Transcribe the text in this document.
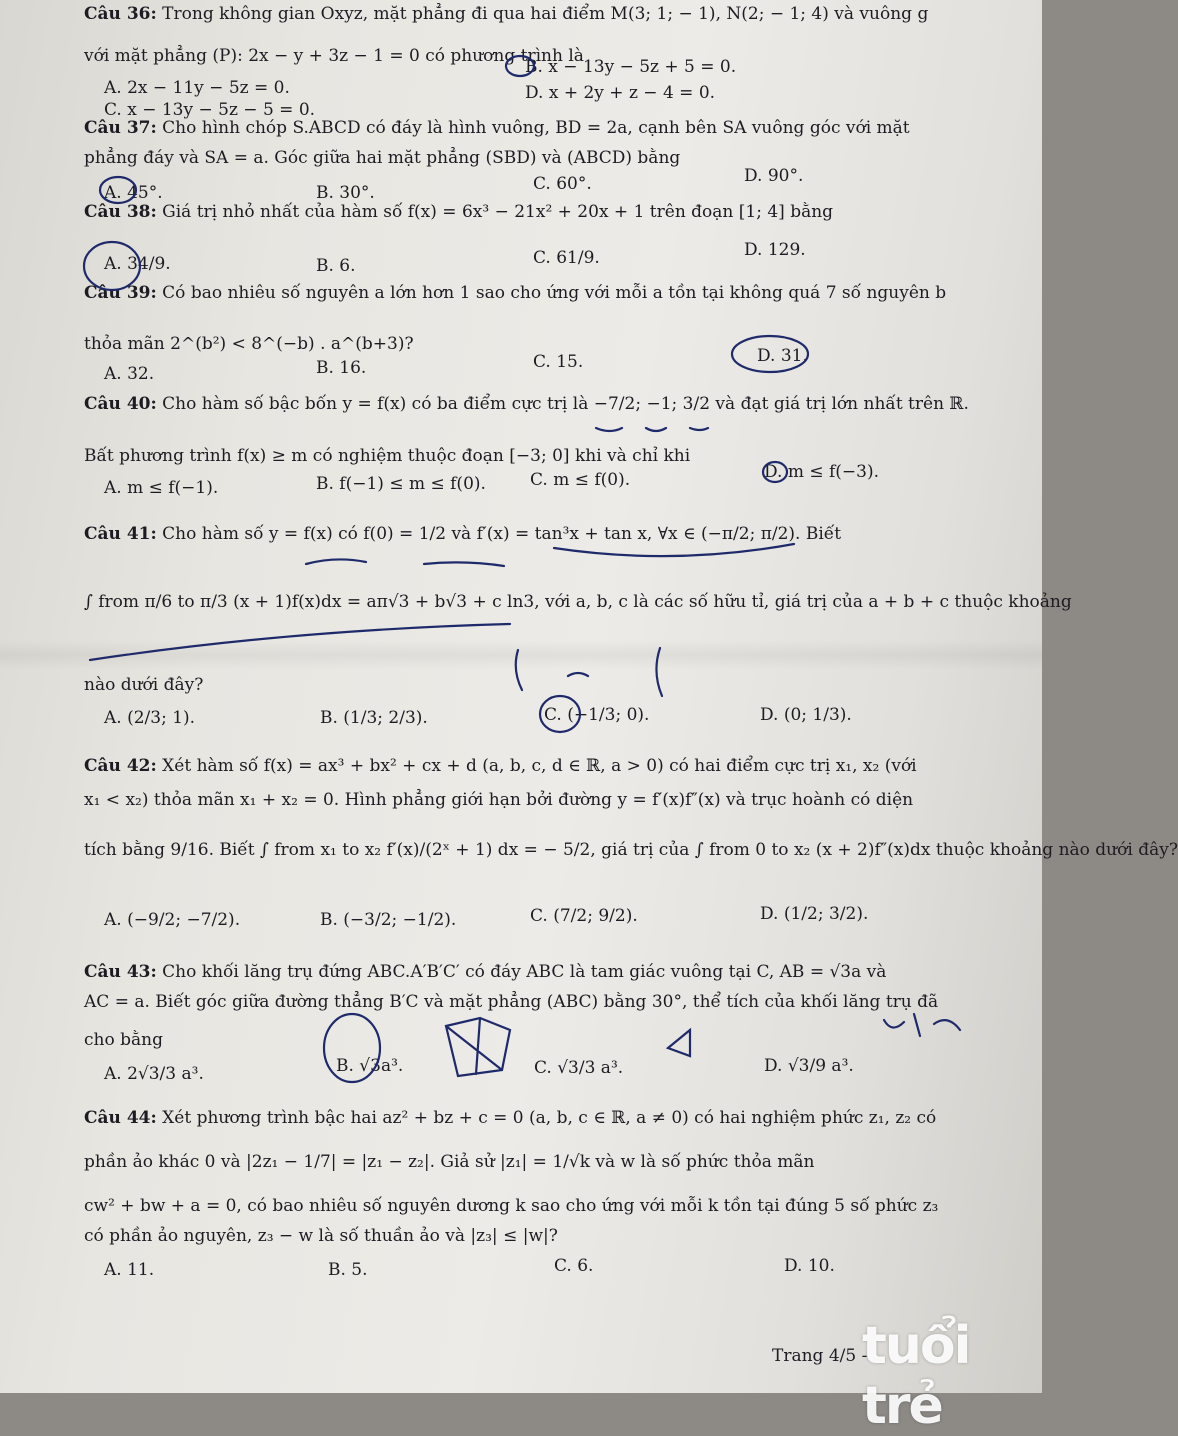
Câu 36: Trong không gian Oxyz, mặt phẳng đi qua hai điểm M(3; 1; − 1), N(2; − 1; 4) và vuông g
với mặt phẳng (P): 2x − y + 3z − 1 = 0 có phương trình là
A. 2x − 11y − 5z = 0.
B. x − 13y − 5z + 5 = 0.
C. x − 13y − 5z − 5 = 0.
D. x + 2y + z − 4 = 0.
Câu 37: Cho hình chóp S.ABCD có đáy là hình vuông, BD = 2a, cạnh bên SA vuông góc với mặt
phẳng đáy và SA = a. Góc giữa hai mặt phẳng (SBD) và (ABCD) bằng
A. 45°.	B. 30°.	C. 60°.	D. 90°.
Câu 38: Giá trị nhỏ nhất của hàm số f(x) = 6x³ − 21x² + 20x + 1 trên đoạn [1; 4] bằng
A. 34/9.	B. 6.	C. 61/9.	D. 129.
Câu 39: Có bao nhiêu số nguyên a lớn hơn 1 sao cho ứng với mỗi a tồn tại không quá 7 số nguyên b
thỏa mãn 2^(b²) < 8^(−b) . a^(b+3)?
A. 32.	B. 16.	C. 15.	D. 31.
Câu 40: Cho hàm số bậc bốn y = f(x) có ba điểm cực trị là −7/2; −1; 3/2 và đạt giá trị lớn nhất trên ℝ.
Bất phương trình f(x) ≥ m có nghiệm thuộc đoạn [−3; 0] khi và chỉ khi
A. m ≤ f(−1).	B. f(−1) ≤ m ≤ f(0).	C. m ≤ f(0).	D. m ≤ f(−3).
Câu 41: Cho hàm số y = f(x) có f(0) = 1/2 và f′(x) = tan³x + tan x, ∀x ∈ (−π/2; π/2). Biết
∫ from π/6 to π/3 (x + 1)f(x)dx = aπ√3 + b√3 + c ln3, với a, b, c là các số hữu tỉ, giá trị của a + b + c thuộc khoảng
nào dưới đây?
A. (2/3; 1).	B. (1/3; 2/3).	C. (−1/3; 0).	D. (0; 1/3).
Câu 42: Xét hàm số f(x) = ax³ + bx² + cx + d (a, b, c, d ∈ ℝ, a > 0) có hai điểm cực trị x₁, x₂ (với
x₁ < x₂) thỏa mãn x₁ + x₂ = 0. Hình phẳng giới hạn bởi đường y = f′(x)f″(x) và trục hoành có diện
tích bằng 9/16. Biết ∫ from x₁ to x₂ f′(x)/(2ˣ + 1) dx = − 5/2, giá trị của ∫ from 0 to x₂ (x + 2)f″(x)dx thuộc khoảng nào dưới đây?
A. (−9/2; −7/2).	B. (−3/2; −1/2).	C. (7/2; 9/2).	D. (1/2; 3/2).
Câu 43: Cho khối lăng trụ đứng ABC.A′B′C′ có đáy ABC là tam giác vuông tại C, AB = √3a và
AC = a. Biết góc giữa đường thẳng B′C và mặt phẳng (ABC) bằng 30°, thể tích của khối lăng trụ đã
cho bằng
A. 2√3/3 a³.	B. √3a³.	C. √3/3 a³.	D. √3/9 a³.
Câu 44: Xét phương trình bậc hai az² + bz + c = 0 (a, b, c ∈ ℝ, a ≠ 0) có hai nghiệm phức z₁, z₂ có
phần ảo khác 0 và |2z₁ − 1/7| = |z₁ − z₂|. Giả sử |z₁| = 1/√k và w là số phức thỏa mãn
cw² + bw + a = 0, có bao nhiêu số nguyên dương k sao cho ứng với mỗi k tồn tại đúng 5 số phức z₃
có phần ảo nguyên, z₃ − w là số thuần ảo và |z₃| ≤ |w|?
A. 11.	B. 5.	C. 6.	D. 10.
Trang 4/5 -
tuổi trẻ
